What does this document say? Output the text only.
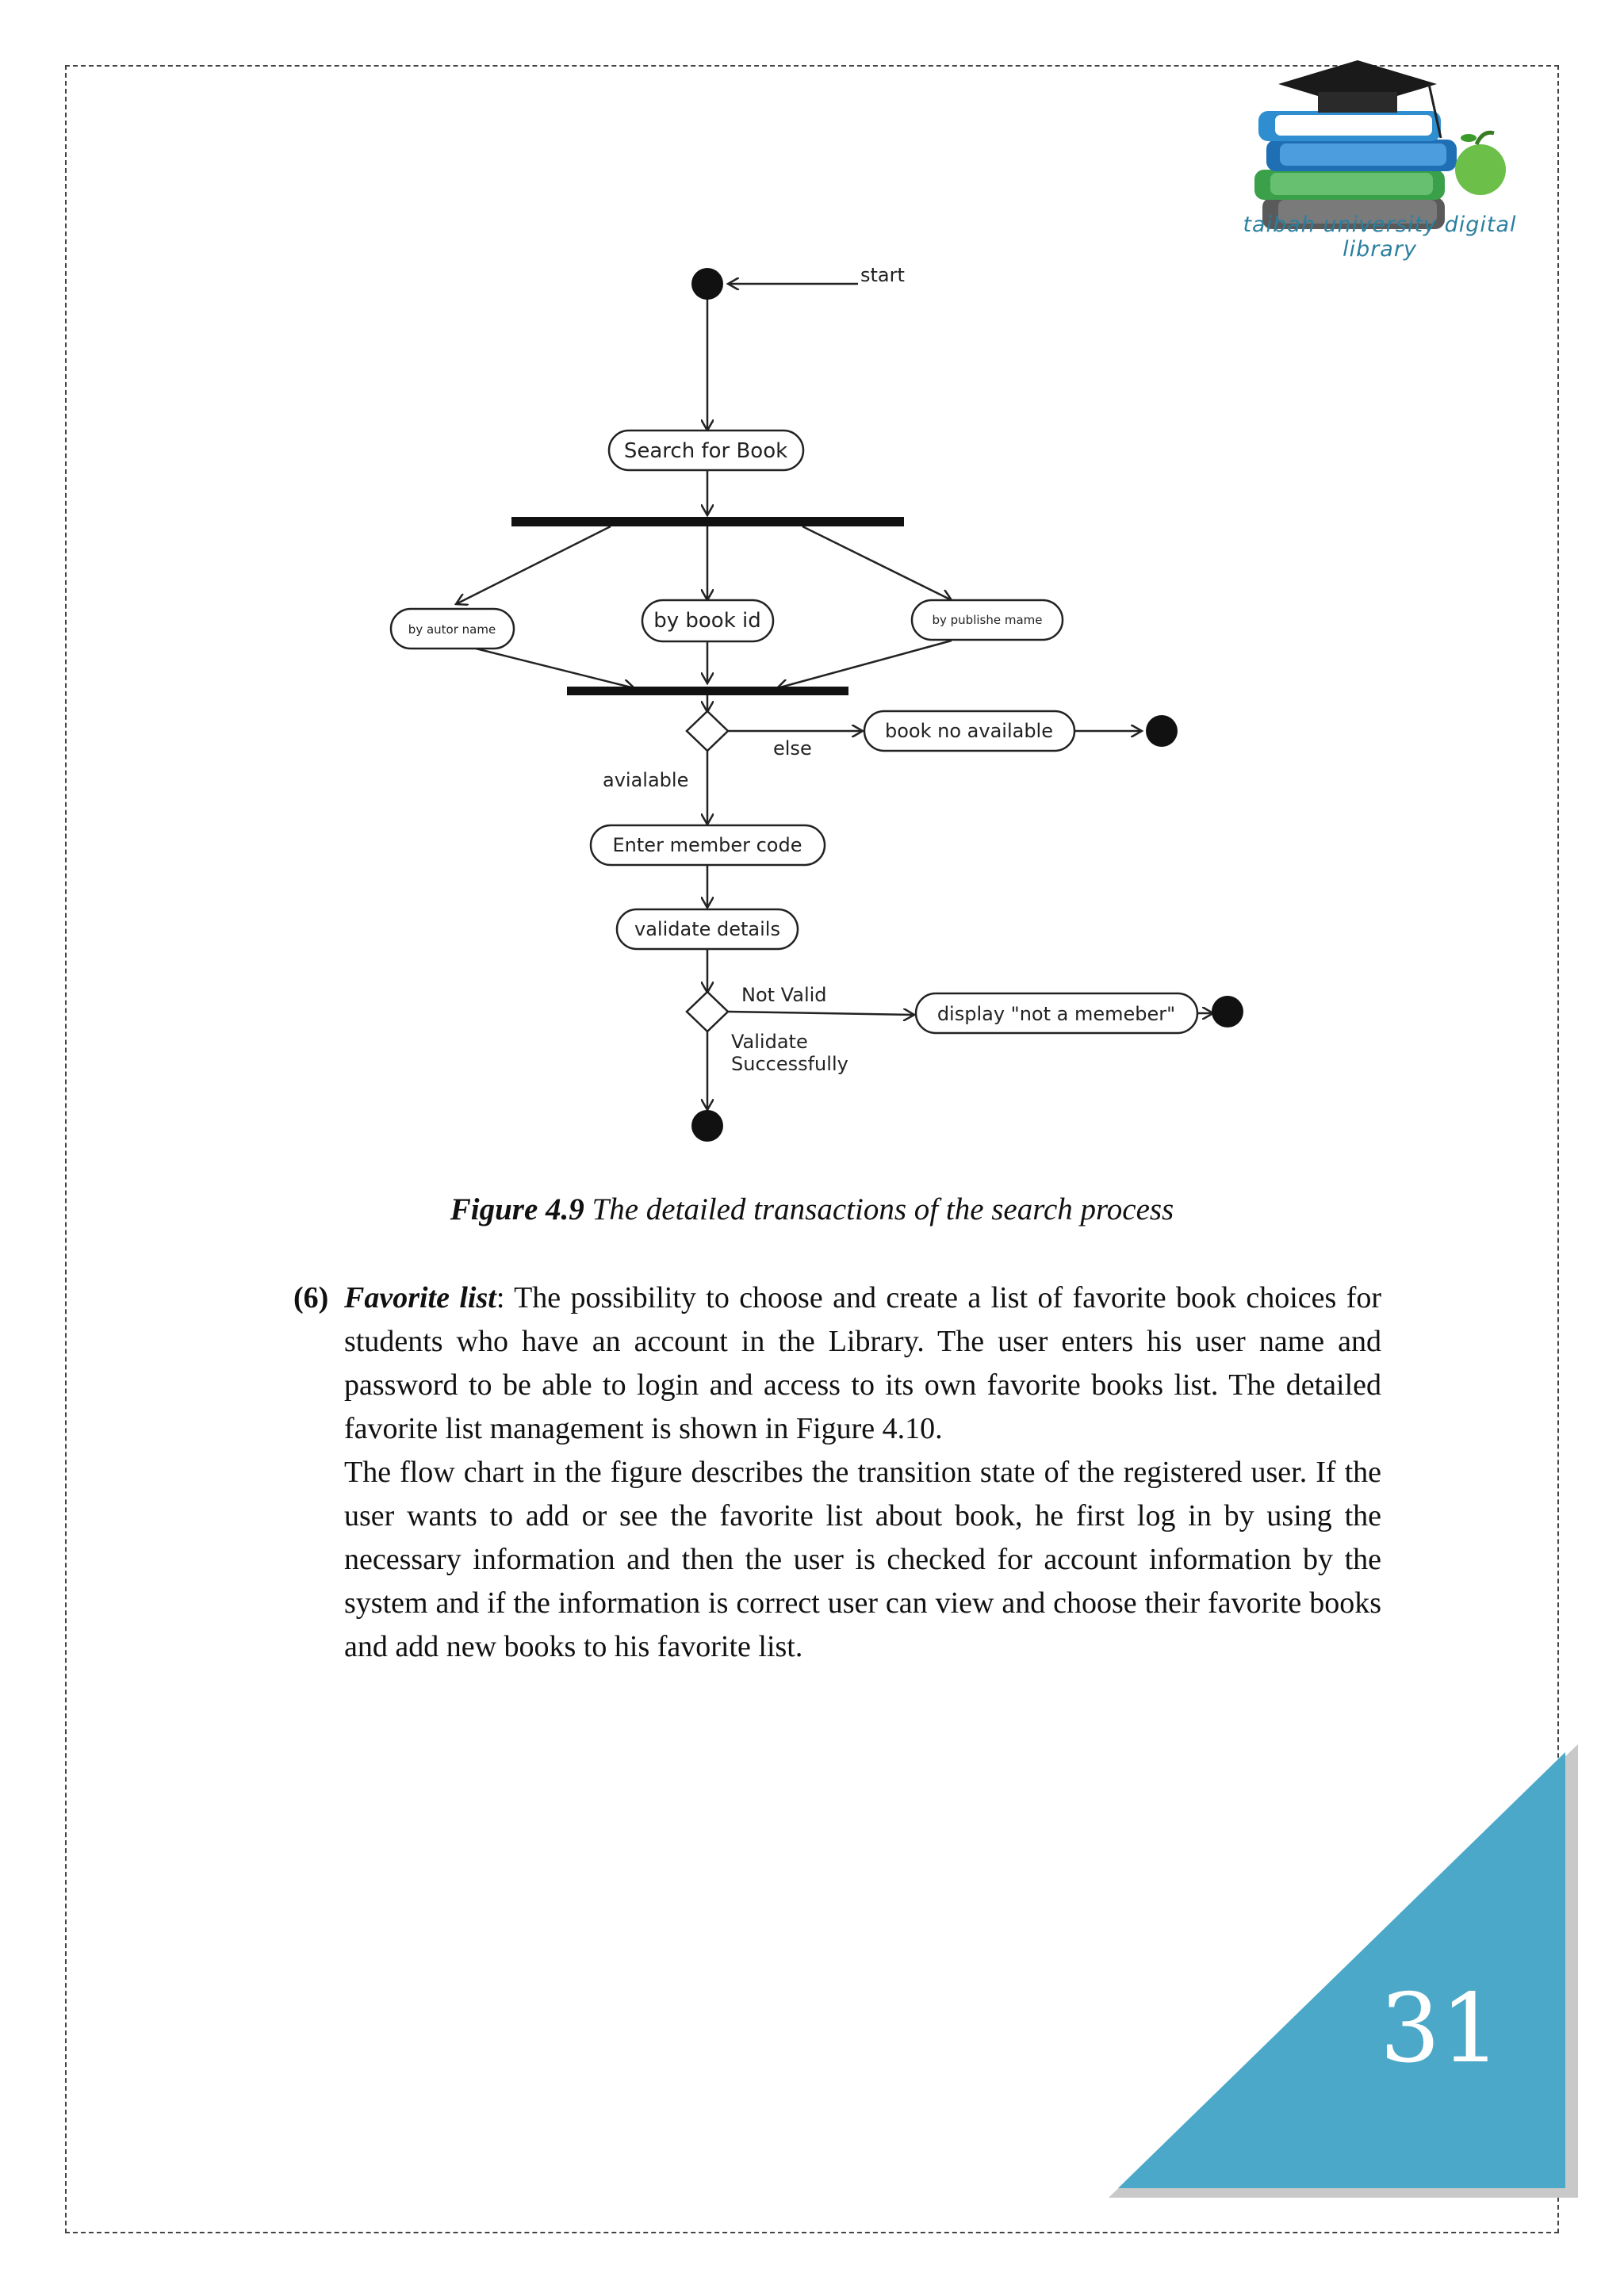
taibah university digital library
start
Search for Book
by autor name	by book id	by publishe mame
else
book no available
avialable
Enter member code
validate details
Not Valid
display "not a memeber"
Validate
Successfully
Figure 4.9 The detailed transactions of the search process
(6) Favorite list: The possibility to choose and create a list of favorite book choices for students who have an account in the Library. The user enters his user name and password to be able to login and access to its own favorite books list. The detailed favorite list management is shown in Figure 4.10.

The flow chart in the figure describes the transition state of the registered user. If the user wants to add or see the favorite list about book, he first log in by using the necessary information and then the user is checked for account information by the system and if the information is correct user can view and choose their favorite books and add new books to his favorite list.

31
